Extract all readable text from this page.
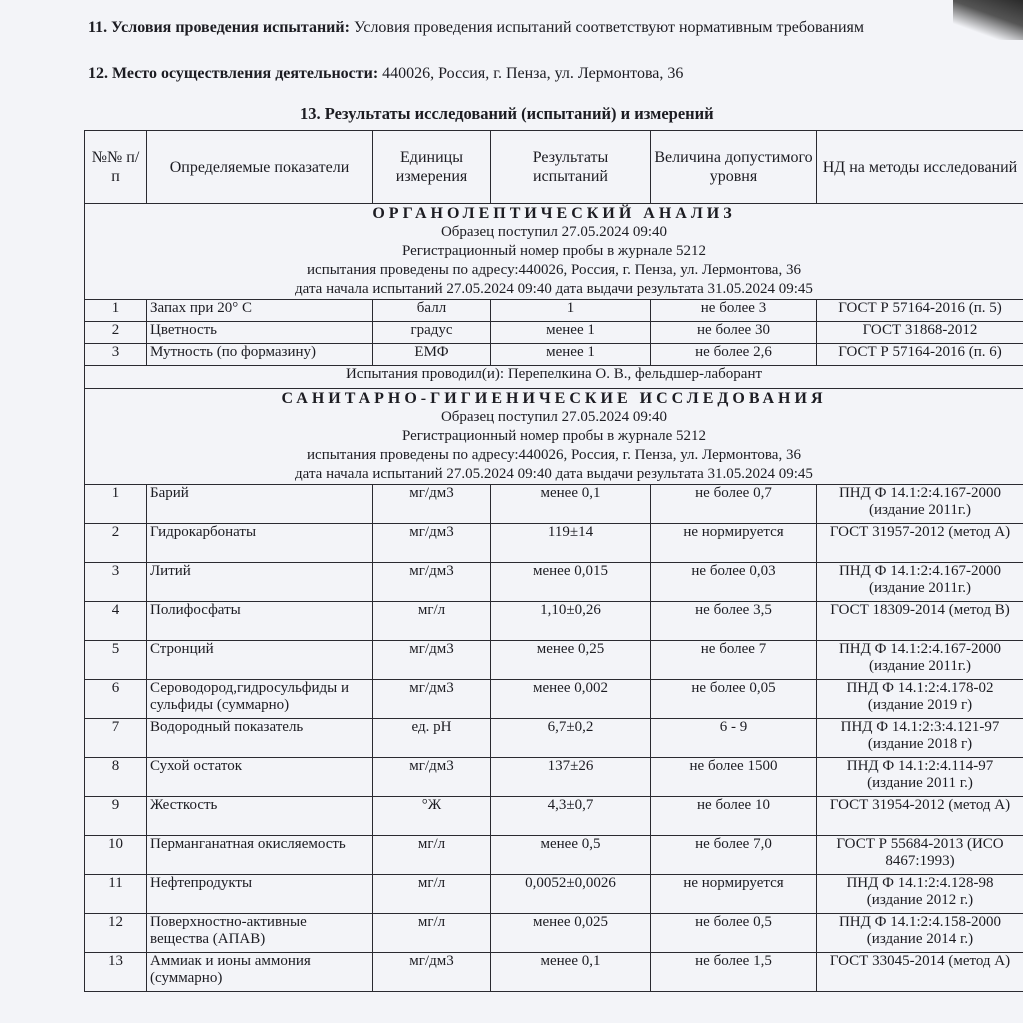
11. Условия проведения испытаний: Условия проведения испытаний соответствуют нормативным требованиям

12. Место осуществления деятельности: 440026, Россия, г. Пенза, ул. Лермонтова, 36

13. Результаты исследований (испытаний) и измерений
№№ п/п	Определяемые показатели	Единицы измерения	Результаты испытаний	Величина допустимого уровня	НД на методы исследований

ОРГАНОЛЕПТИЧЕСКИЙ АНАЛИЗ
Образец поступил 27.05.2024 09:40
Регистрационный номер пробы в журнале 5212
испытания проведены по адресу:440026, Россия, г. Пенза, ул. Лермонтова, 36
дата начала испытаний 27.05.2024 09:40 дата выдачи результата 31.05.2024 09:45					

1	Запах при 20° С	балл	1	не более 3	ГОСТ Р 57164-2016 (п. 5)
2	Цветность	градус	менее 1	не более 30	ГОСТ 31868-2012
3	Мутность (по формазину)	ЕМФ	менее 1	не более 2,6	ГОСТ Р 57164-2016 (п. 6)
Испытания проводил(и): Перепелкина О. В., фельдшер-лаборант					

САНИТАРНО-ГИГИЕНИЧЕСКИЕ ИССЛЕДОВАНИЯ
Образец поступил 27.05.2024 09:40
Регистрационный номер пробы в журнале 5212
испытания проведены по адресу:440026, Россия, г. Пенза, ул. Лермонтова, 36
дата начала испытаний 27.05.2024 09:40 дата выдачи результата 31.05.2024 09:45					

1	Барий	мг/дм3	менее 0,1	не более 0,7	ПНД Ф 14.1:2:4.167-2000 (издание 2011г.)
2	Гидрокарбонаты	мг/дм3	119±14	не нормируется	ГОСТ 31957-2012 (метод А)
3	Литий	мг/дм3	менее 0,015	не более 0,03	ПНД Ф 14.1:2:4.167-2000 (издание 2011г.)
4	Полифосфаты	мг/л	1,10±0,26	не более 3,5	ГОСТ 18309-2014 (метод В)
5	Стронций	мг/дм3	менее 0,25	не более 7	ПНД Ф 14.1:2:4.167-2000 (издание 2011г.)
6	Сероводород,гидросульфиды и сульфиды (суммарно)	мг/дм3	менее 0,002	не более 0,05	ПНД Ф 14.1:2:4.178-02 (издание 2019 г)
7	Водородный показатель	ед. pH	6,7±0,2	6 - 9	ПНД Ф 14.1:2:3:4.121-97 (издание 2018 г)
8	Сухой остаток	мг/дм3	137±26	не более 1500	ПНД Ф 14.1:2:4.114-97 (издание 2011 г.)
9	Жесткость	°Ж	4,3±0,7	не более 10	ГОСТ 31954-2012 (метод А)
10	Перманганатная окисляемость	мг/л	менее 0,5	не более 7,0	ГОСТ Р 55684-2013 (ИСО 8467:1993)
11	Нефтепродукты	мг/л	0,0052±0,0026	не нормируется	ПНД Ф 14.1:2:4.128-98 (издание 2012 г.)
12	Поверхностно-активные вещества (АПАВ)	мг/л	менее 0,025	не более 0,5	ПНД Ф 14.1:2:4.158-2000 (издание 2014 г.)
13	Аммиак и ионы аммония (суммарно)	мг/дм3	менее 0,1	не более 1,5	ГОСТ 33045-2014 (метод А)
